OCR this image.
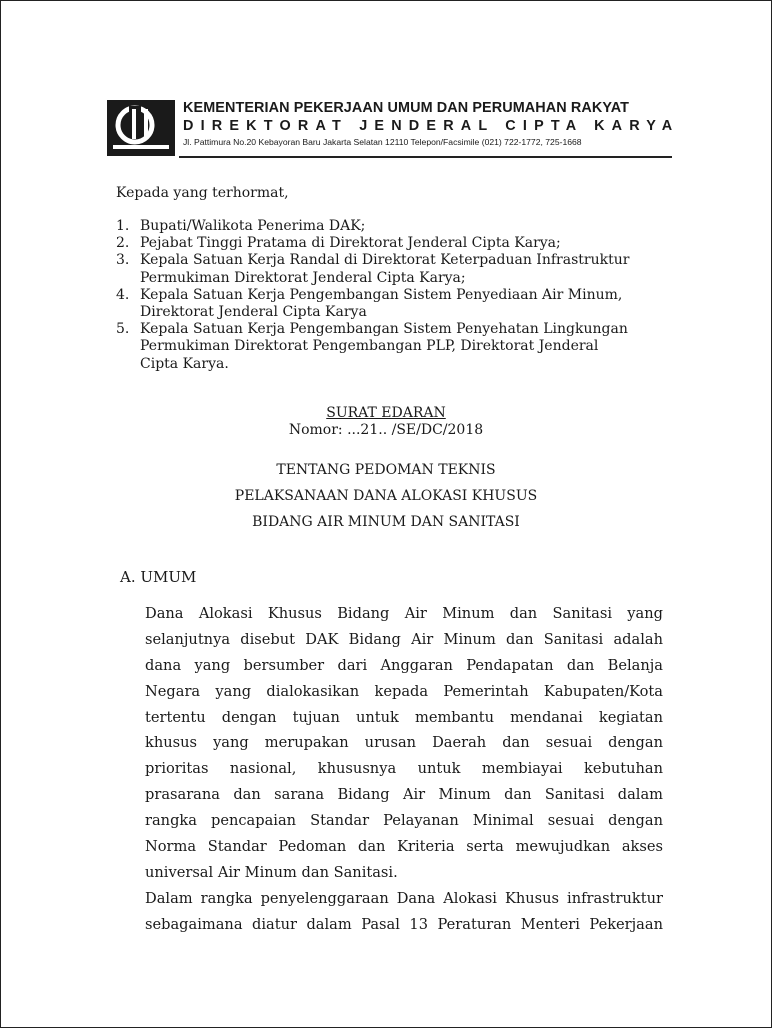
KEMENTERIAN PEKERJAAN UMUM DAN PERUMAHAN RAKYAT
DIREKTORAT JENDERAL CIPTA KARYA
Jl. Pattimura No.20 Kebayoran Baru Jakarta Selatan 12110 Telepon/Facsimile (021) 722-1772, 725-1668
Kepada yang terhormat,
1. Bupati/Walikota Penerima DAK;
2. Pejabat Tinggi Pratama di Direktorat Jenderal Cipta Karya;
3. Kepala Satuan Kerja Randal di Direktorat Keterpaduan Infrastruktur
Permukiman Direktorat Jenderal Cipta Karya;
4. Kepala Satuan Kerja Pengembangan Sistem Penyediaan Air Minum,
Direktorat Jenderal Cipta Karya
5. Kepala Satuan Kerja Pengembangan Sistem Penyehatan Lingkungan
Permukiman Direktorat Pengembangan PLP, Direktorat Jenderal
Cipta Karya.
SURAT EDARAN
Nomor: ...21.. /SE/DC/2018
TENTANG PEDOMAN TEKNIS
PELAKSANAAN DANA ALOKASI KHUSUS
BIDANG AIR MINUM DAN SANITASI
A. UMUM
Dana Alokasi Khusus Bidang Air Minum dan Sanitasi yang
selanjutnya disebut DAK Bidang Air Minum dan Sanitasi adalah
dana yang bersumber dari Anggaran Pendapatan dan Belanja
Negara yang dialokasikan kepada Pemerintah Kabupaten/Kota
tertentu dengan tujuan untuk membantu mendanai kegiatan
khusus yang merupakan urusan Daerah dan sesuai dengan
prioritas nasional, khususnya untuk membiayai kebutuhan
prasarana dan sarana Bidang Air Minum dan Sanitasi dalam
rangka pencapaian Standar Pelayanan Minimal sesuai dengan
Norma Standar Pedoman dan Kriteria serta mewujudkan akses
universal Air Minum dan Sanitasi.
Dalam rangka penyelenggaraan Dana Alokasi Khusus infrastruktur
sebagaimana diatur dalam Pasal 13 Peraturan Menteri Pekerjaan
